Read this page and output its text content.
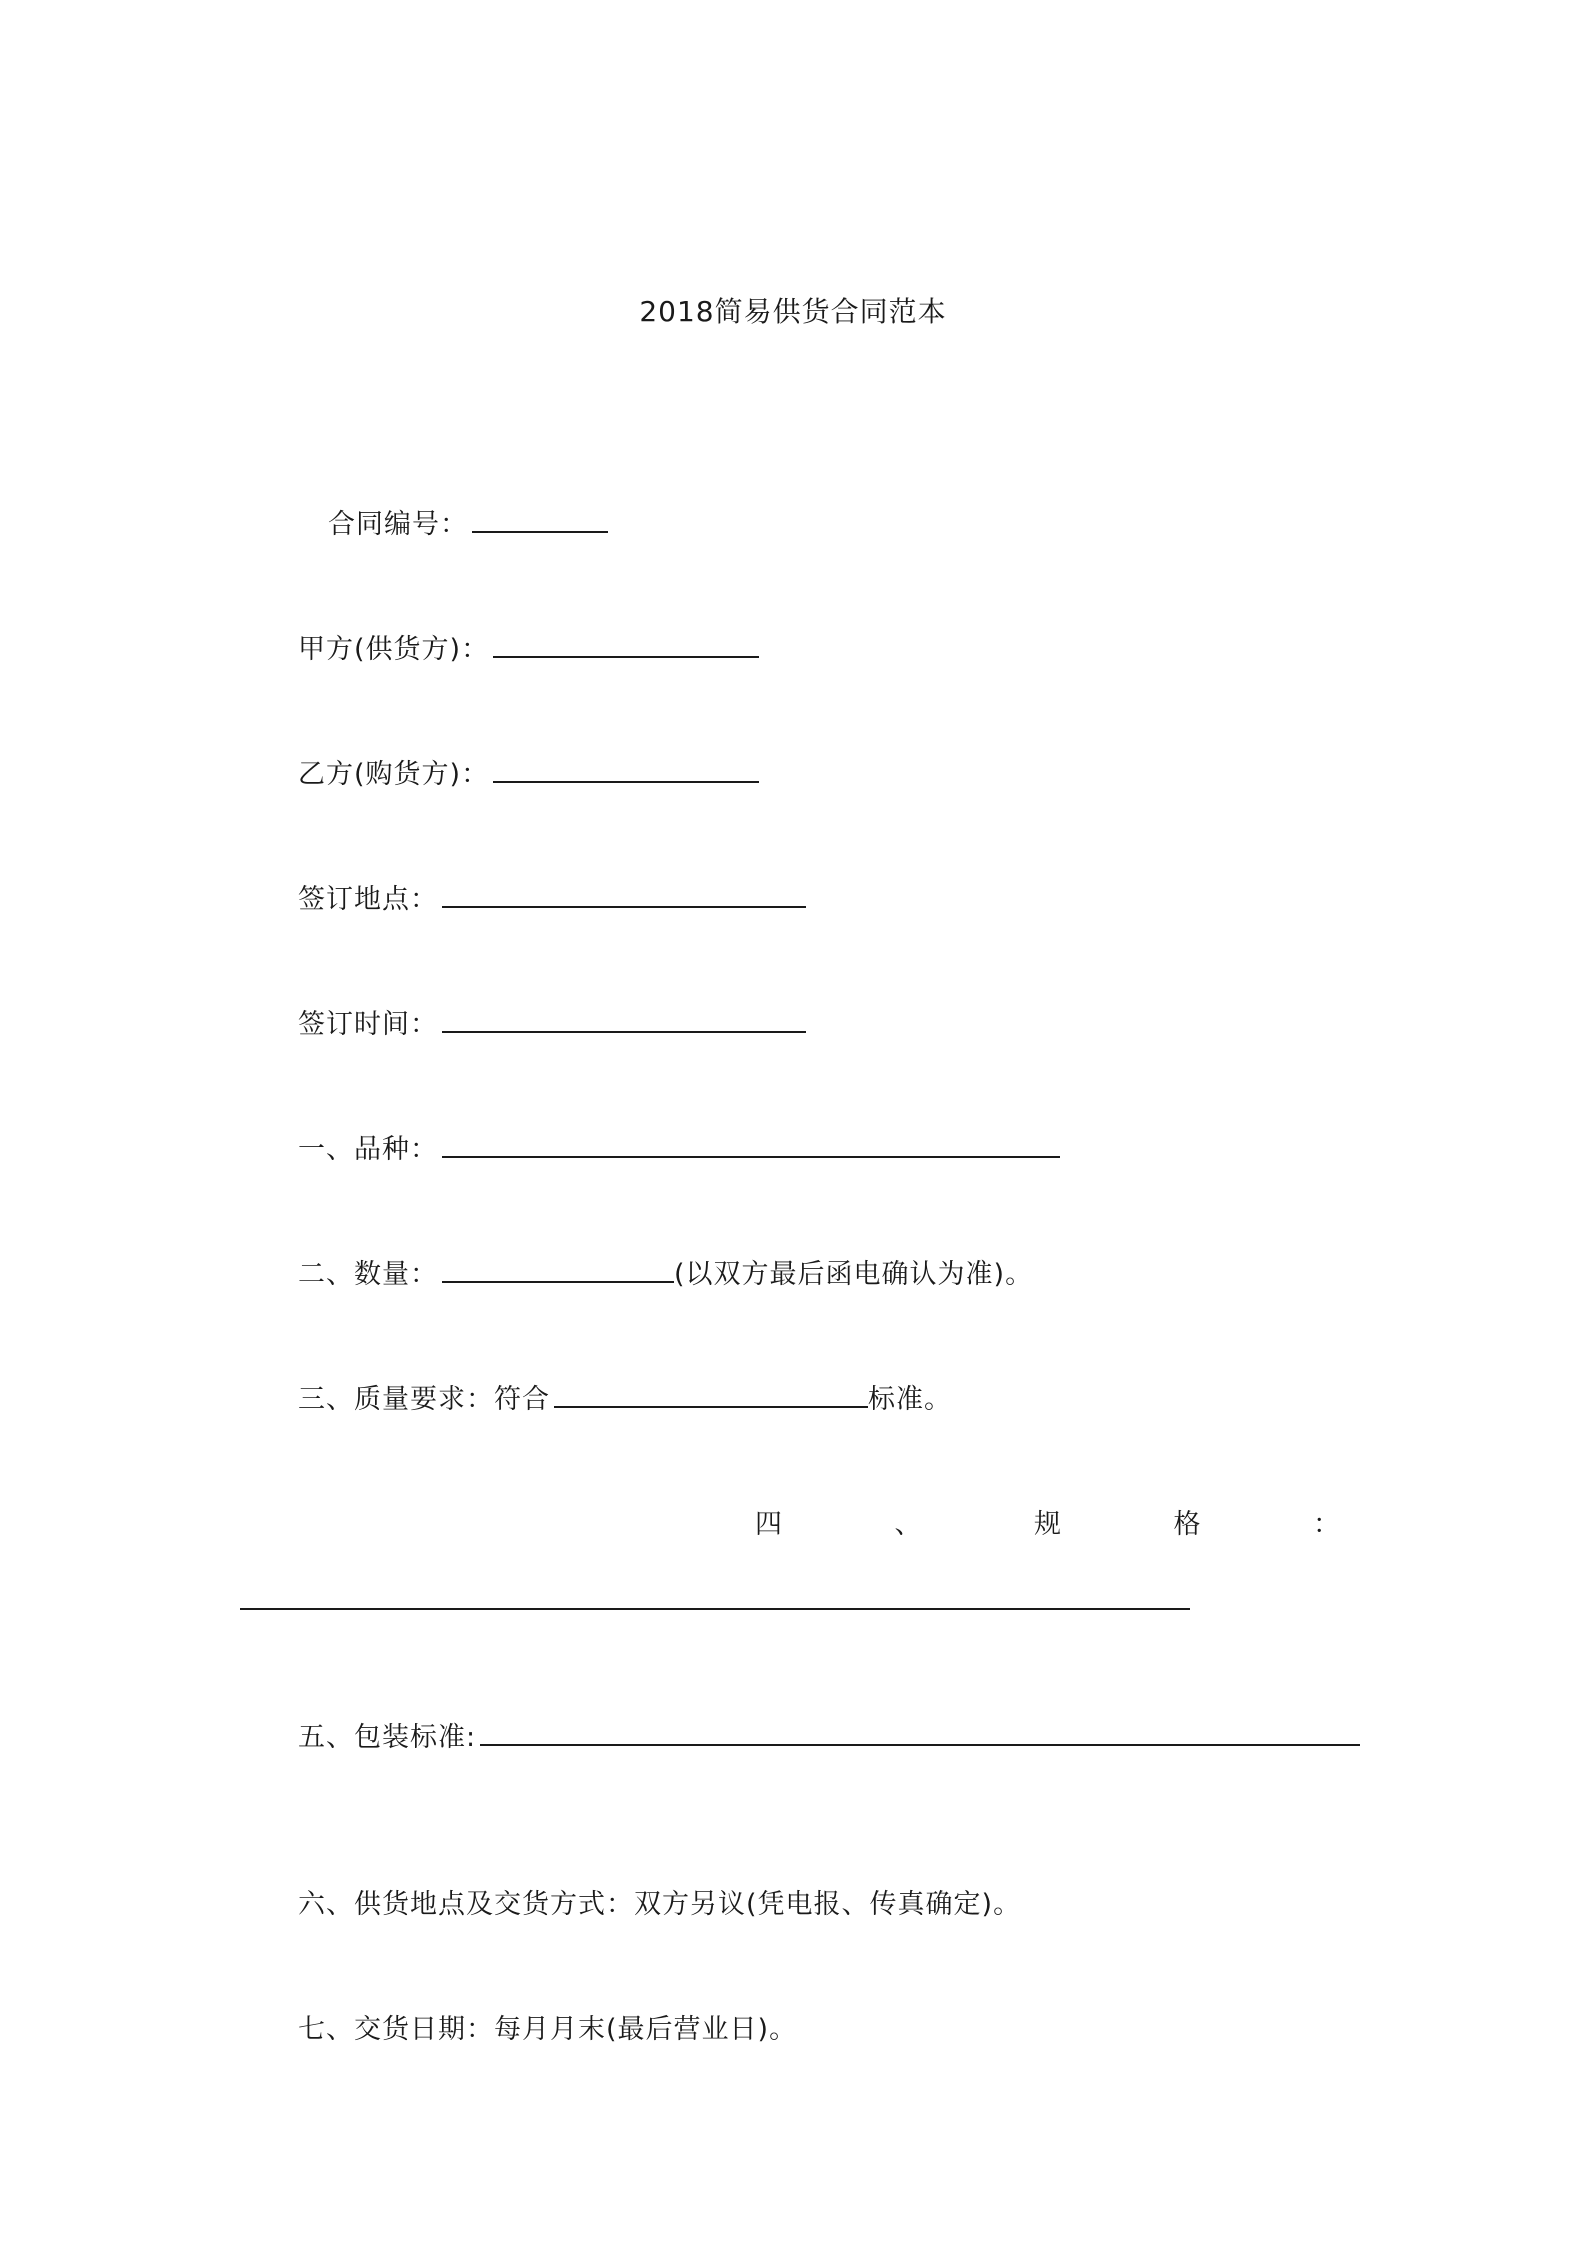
2018简易供货合同范本
合同编号：
甲方(供货方)：
乙方(购货方)：
签订地点：
签订时间：
一、品种：
二、数量：	(以双方最后函电确认为准)。
三、质量要求：符合	标准。
四	、	规	格	：
五、包装标准:
六、供货地点及交货方式：双方另议(凭电报、传真确定)。
七、交货日期：每月月末(最后营业日)。
